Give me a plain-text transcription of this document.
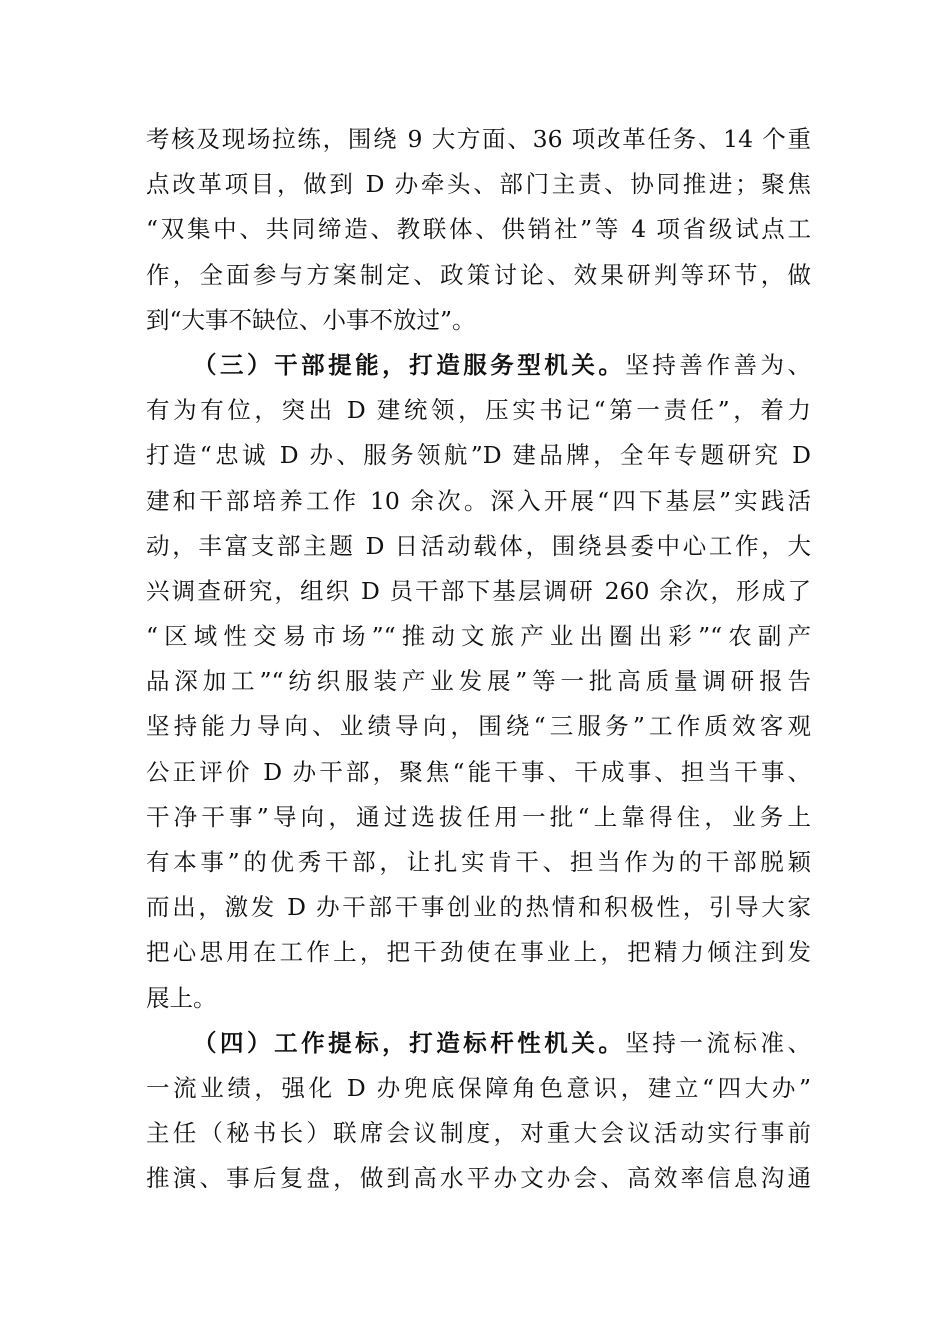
考核及现场拉练，围绕 9 大方面、36 项改革任务、14 个重
点改革项目，做到 D 办牵头、部门主责、协同推进；聚焦
“双集中、共同缔造、教联体、供销社”等 4 项省级试点工
作，全面参与方案制定、政策讨论、效果研判等环节，做
到“大事不缺位、小事不放过”。
（三）干部提能，打造服务型机关。坚持善作善为、
有为有位，突出 D 建统领，压实书记“第一责任”，着力
打造“忠诚 D 办、服务领航”D 建品牌，全年专题研究 D
建和干部培养工作 10 余次。深入开展“四下基层”实践活
动，丰富支部主题 D 日活动载体，围绕县委中心工作，大
兴调查研究，组织 D 员干部下基层调研 260 余次，形成了
“区域性交易市场”“推动文旅产业出圈出彩”“农副产
品深加工”“纺织服装产业发展”等一批高质量调研报告
坚持能力导向、业绩导向，围绕“三服务”工作质效客观
公正评价 D 办干部，聚焦“能干事、干成事、担当干事、
干净干事”导向，通过选拔任用一批“上靠得住，业务上
有本事”的优秀干部，让扎实肯干、担当作为的干部脱颖
而出，激发 D 办干部干事创业的热情和积极性，引导大家
把心思用在工作上，把干劲使在事业上，把精力倾注到发
展上。
（四）工作提标，打造标杆性机关。坚持一流标准、
一流业绩，强化 D 办兜底保障角色意识，建立“四大办”
主任（秘书长）联席会议制度，对重大会议活动实行事前
推演、事后复盘，做到高水平办文办会、高效率信息沟通
